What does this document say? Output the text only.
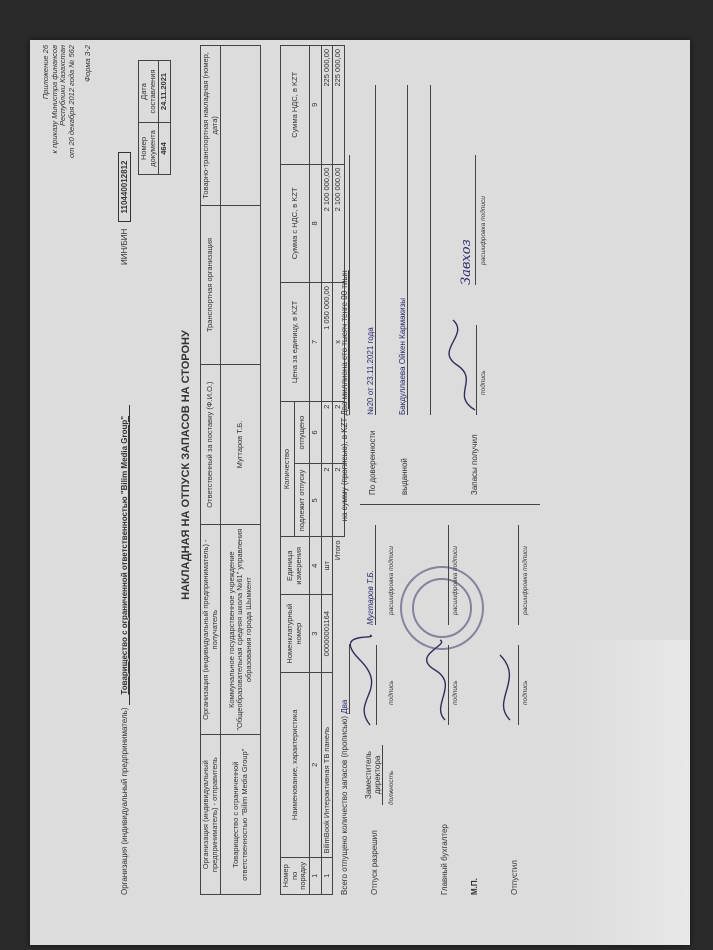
Приложение 26 к приказу Министра финансов Республики Казахстан от 20 декабря 2012 года № 562 Форма З-2
Организация (индивидуальный предприниматель) Товарищество с ограниченной ответственностью "Bilim Media Group"
ИИН/БИН 110440012812
Номер документа	Дата составления
464	24.11.2021
НАКЛАДНАЯ НА ОТПУСК ЗАПАСОВ НА СТОРОНУ
Организация (индивидуальный предприниматель) - отправитель	Организация (индивидуальный предприниматель) - получатель	Ответственный за поставку (Ф.И.О.)	Транспортная организация	Товарно-транспортная накладная (номер, дата)
Товарищество с ограниченной ответственностью "Bilim Media Group"	Коммунальное государственное учреждение "Общеобразовательная средняя школа №61" управления образования города Шымкент	Мугтаров Т.Б.		
Номер по порядку	Наименование, характеристика	Номенклатурный номер	Единица измерения	Количество		Цена за единицу, в KZT	Сумма с НДС, в KZT	Сумма НДС, в KZT
				подлежит отпуску	отпущено			
1	2	3	4	5	6	7	8	9
1	BilimBook Интерактивная ТВ панель	00000001164	шт	2	2	1 050 000,00	2 100 000,00	225 000,00
Итого				2	2	x	2 100 000,00	225 000,00
Всего отпущено количество запасов (прописью) Два на сумму (прописью), в KZT Два миллиона сто тысяч тенге 00 тиын
Отпуск разрешил
Заместитель директора должность
подпись
Мугтаров Т.Б. расшифровка подписи
Главный бухгалтер
подпись
расшифровка подписи
М.П.	Отпустил
подпись
расшифровка подписи
По доверенности
№20 от 23.11.2021 года
выданной
Бакдуллаева Ойкен Кармакизы
Запасы получил
подпись
Завхоз расшифровка подписи
